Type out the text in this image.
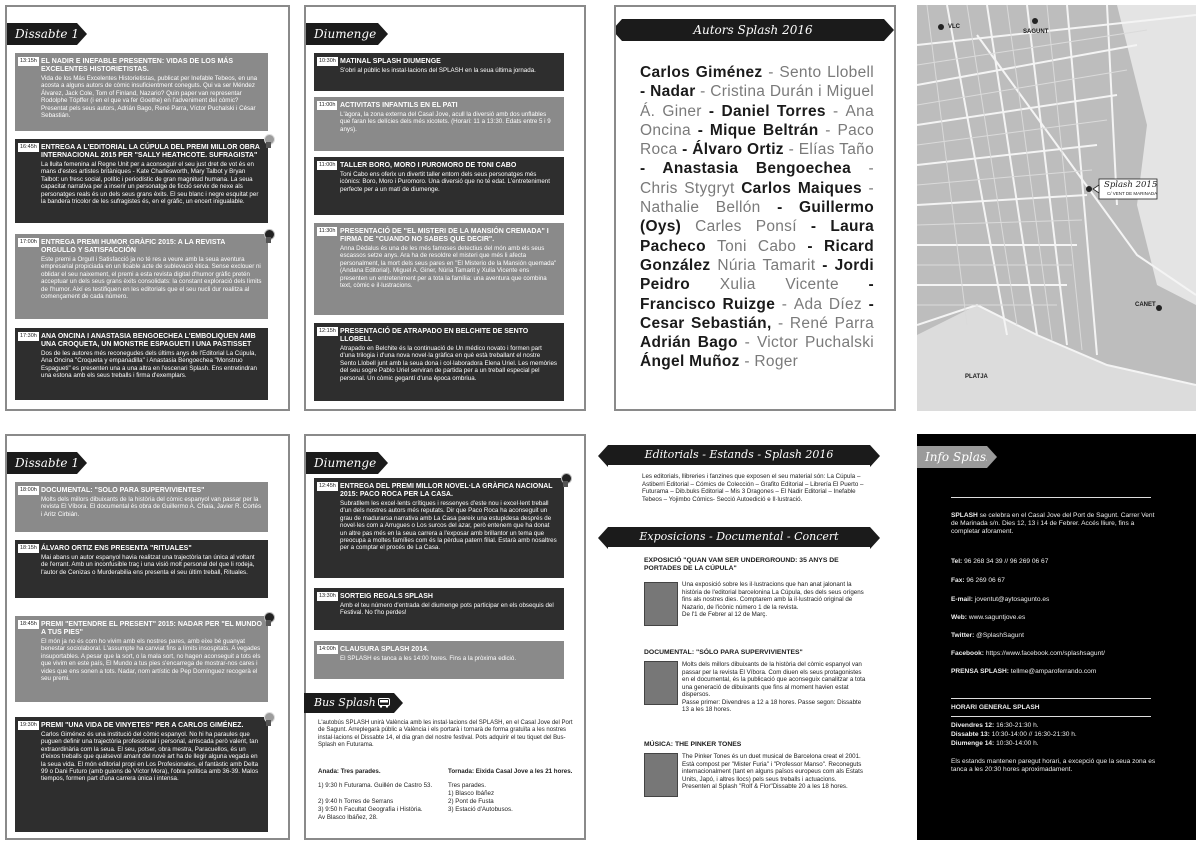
Dissabte 13
13:15h EL NADIR E INEFABLE PRESENTEN: VIDAS DE LOS MÁS EXCELENTES HISTORIETISTAS.
Vida de los Más Excelentes Historietistas, publicat per Inefable Tebeos, en una acosta a alguns autors de còmic insuficientment coneguts. Qui va ser Méndez Álvarez, Jack Cole, Tom of Finland, Nazario? Quin paper van representar Rodolphe Töpffer (i en el que va fer Goethe) en l'adveniment del còmic? Presentat pels seus autors, Adrián Bago, René Parra, Víctor Puchalski i César Sebastián.
16:45h ENTREGA A L'EDITORIAL LA CÚPULA DEL PREMI MILLOR OBRA INTERNACIONAL 2015 PER "SALLY HEATHCOTE. SUFRAGISTA"
La lluita femenina al Regne Unit per a aconseguir el seu just dret de vot és en mans d'estes artistes britàniques - Kate Charlesworth, Mary Talbot y Bryan Talbot: un fresc social, polític i periodístic de gran magnitud humana. La seua capacitat narrativa per a inserir un personatge de ficció servix de nexe als personatges reals és un dels seus grans èxits. El seu blanc i negre esquitat per la bandera tricolor de les sufragistes és, en el gràfic, un encert inigualable.
17:00h ENTREGA PREMI HUMOR GRÀFIC 2015: A LA REVISTA ORGULLO Y SATISFACCIÓN
Este premi a Orgull i Satisfacció ja no té res a veure amb la seua aventura empresarial propiciada en un lloable acte de sublevació ètica. Sense exclouer ni oblidar el seu naixement, el premi a esta revista digital d'humor gràfic pretén acceptuar un dels seus grans èxits consolidats: la constant exploració dels límits de l'humor. Així es testifiquen en les editorials que el seu nucli dur realitza al començament de cada número.
17:30h ANA ONCINA I ANASTASIA BENGOECHEA L'EMBOLIQUEN AMB UNA CROQUETA, UN MONSTRE ESPAGUETI I UNA PASTISSET
Dos de les autores més reconegudes dels últims anys de l'Editorial La Cúpula, Ana Oncina "Croqueta y empanadilla" i Anastasia Bengoechea "Monstruo Espagueti" es presenten una a una altra en l'escenari Splash. Ens entretindran una estona amb els seus treballs i firma d'exemplars.
Diumenge 14
10:30h MATINAL SPLASH DIUMENGE
S'obri al públic les instal·lacions del SPLASH en la seua última jornada.
11:00h ACTIVITATS INFANTILS EN EL PATI
L'àgora, la zona externa del Casal Jove, acull la diversió amb dos unflables que faran les delícies dels més xicotets. (Horari: 11 a 13:30. Edats entre 5 i 9 anys).
11:00h TALLER BORO, MORO I PUROMORO DE TONI CABO
Toni Cabo ens oferix un divertit taller entorn dels seus personatges més icònics: Boro, Moro i Puromoro. Una diversió que no té edat. L'entreteniment perfecte per a un matí de diumenge.
11:30h PRESENTACIÓ DE "EL MISTERI DE LA MANSIÓN CREMADA" I FIRMA DE "CUANDO NO SABES QUE DECIR".
Anna Dèdalus és una de les més famoses detectius del món amb els seus escassos setze anys. Ara ha de resoldre el misteri que més li afecta personalment, la mort dels seus pares en "El Misterio de la Mansión quemada" (Andana Editorial). Miguel A. Giner, Núria Tamarit y Xulia Vicente ens presenten un entreteniment per a tota la família: una aventura que combina text, còmic e il·lustracions.
12:15h PRESENTACIÓ DE ATRAPADO EN BELCHITE DE SENTO LLOBELL
Atrapado en Belchite és la continuació de Un médico novato i formen part d'una trilogia i d'una nova novel·la gràfica en què està treballant el nostre Sento Llobell junt amb la seua dona i col·laboradora Elena Uriel. Les memòries del seu sogre Pablo Uriel serviran de partida per a un treball especial pel personal. Un còmic gegantí d'una època ombriua.
Autors Splash 2016
Carlos Giménez - Sento Llobell - Nadar - Cristina Durán i Miguel Á. Giner - Daniel Torres - Ana Oncina - Mique Beltrán - Paco Roca - Álvaro Ortiz - Elías Taño - Anastasia Bengoechea - Chris Stygryt Carlos Maiques - Nathalie Bellón - Guillermo (Oys) Carles Ponsí - Laura Pacheco Toni Cabo - Ricard González Núria Tamarit - Jordi Peidro Xulia Vicente - Francisco Ruizge - Ada Díez - Cesar Sebastián, - René Parra Adrián Bago - Victor Puchalski Ángel Muñoz - Roger
VLC
SAGUNT
CANET
PLATJA
Splash 2015
C/ VENT DE MARINADA
Dissabte 13
18:00h DOCUMENTAL: "SOLO PARA SUPERVIVIENTES"
Molts dels millors dibuixants de la història del còmic espanyol van passar per la revista El Víbora. El documental és obra de Guillermo A. Chaia, Javier R. Cortés i Aritz Cirbián.
18:15h ÁLVARO ORTIZ ENS PRESENTA "RITUALES"
Mai abans un autor espanyol havia realitzat una trajectòria tan única al voltant de l'errant. Amb un inconfusible traç i una visió molt personal del que li rodeja, l'autor de Cenizas o Murderabilia ens presenta el seu últim treball, Rituales.
18:45h PREMI "ENTENDRE EL PRESENT" 2015: NADAR PER "EL MUNDO A TUS PIES"
El món ja no és com ho vivim amb els nostres pares, amb eixe bé guanyat benestar sociolaboral. L'assumpte ha canviat fins a límits insospitats. A vegades insuportables. A pesar que la sort, o la mala sort, no hagen aconseguit a tots els que vivim en este país, El Mundo a tus pies s'encarrega de mostrar-nos cares i vides que ens sonen a tots. Nadar, nom artístic de Pep Domínguez recogerà el seu premi.
19:30h PREMI "UNA VIDA DE VINYETES" PER A CARLOS GIMÉNEZ.
Carlos Giménez és una institució del còmic espanyol. No hi ha paraules que puguen definir una trajectòria professional i personal, arriscada però valent, tan extraordinària com la seua. El seu, potser, obra mestra, Paracuellos, és un d'eixos treballs que qualsevol amant del novè art ha de llegir alguna vegada en la seua vida. El món editorial propi en Los Profesionales, el fantàstic amb Delta 99 o Dani Futuro (amb guions de Víctor Mora), l'obra política amb 36-39. Malos tiempos, formen part d'una carrera única i intensa.
Diumenge 14
12:45h ENTREGA DEL PREMI MILLOR NOVEL·LA GRÀFICA NACIONAL 2015: PACO ROCA PER LA CASA.
Subratllem les excel·lents crítiques i ressenyes d'este nou i excel·lent treball d'un dels nostres autors més reputats. Dir que Paco Roca ha aconseguit un grau de madurarsa narrativa amb La Casa pareix una estupidesa després de novel·les com a Arrugues o Los surcos del azar, però entenem que ha donat un altre pas més en la seua carrera a l'exposar amb brillantor un tema que preocupa a moltes famílies com és la pèrdua patern filial. Estarà amb nosaltres per a comptar el procés de La Casa.
13:30h SORTEIG REGALS SPLASH
Amb el teu número d'entrada del diumenge pots participar en els obsequis del Festival. No t'ho perdes!
14:00h CLAUSURA SPLASH 2014.
El SPLASH es tanca a les 14:00 hores. Fins a la pròxima edició.
L'autobús SPLASH unirà València amb les instal·lacions del SPLASH, en el Casal Jove del Port de Sagunt. Arreplegarà públic a València i els portarà i tornarà de forma gratuïta a les nostres instal·lacions el Dissabte 14, el dia gran del nostre festival. Pots adquirir el teu tiquet del Bus-Splash en Futurama.
Anada: Tres parades.
1) 9:30 h Futurama. Guillén de Castro 53.
2) 9:40 h Torres de Serrans
3) 9:50 h Facultat Geografia i Història. Av Blasco Ibáñez, 28.
Tornada: Eixida Casal Jove a les 21 hores.
Tres parades.
1) Blasco Ibáñez
2) Pont de Fusta
3) Estació d'Autobusos.
Bus Splash
Editorials - Estands - Splash 2016
Les editorials, llibreries i fanzines que exposen el seu material són: La Cúpula – Astiberri Editorial – Cómics de Colección – Grafito Editorial – Librería El Puerto – Futurama – Dib.buks Editorial – Mis 3 Dragones – El Nadir Editorial – Inefable Tebeos – Yojimbo Cómics- Secció Autoedició e Il·lustració.
Exposicions - Documental - Concert
EXPOSICIÓ "QUAN VAM SER UNDERGROUND: 35 ANYS DE PORTADES DE LA CÚPULA"
Una exposició sobre les il·lustracions que han anat jalonant la història de l'editorial barcelonina La Cúpula, des dels seus orígens fins als nostres dies. Comptarem amb la il·lustració original de Nazario, de l'icònic número 1 de la revista.
De l'1 de Febrer al 12 de Març.
DOCUMENTAL: "SÓLO PARA SUPERVIVIENTES"
Molts dels millors dibuixants de la història del còmic espanyol van passar per la revista El Víbora. Com diuen els seus protagonistes en el documental, és la publicació que aconseguix canalitzar a tota una generació de dibuixants que fins al moment havien estat dispersos.
Passe primer: Divendres a 12 a 18 hores. Passe segon: Dissabte 13 a les 18 hores.
MÚSICA: THE PINKER TONES
The Pinker Tones és un duet musical de Barcelona creat el 2001. Està compost per "Mister Furia" i "Professor Manso". Reconeguts internacionalment (tant en alguns països europeus com als Estats Units, Japó, i altres llocs) pels seus treballs i actuacions.
Presenten al Splash "Rolf & Flor"Dissabte 20 a les 18 hores.
Info Splash
SPLASH se celebra en el Casal Jove del Port de Sagunt. Carrer Vent de Marinada s/n. Dies 12, 13 i 14 de Febrer. Accés lliure, fins a completar aforament.
Tel: 96 268 34 39 // 96 269 06 67
Fax: 96 269 06 67
E-mail: joventut@aytosagunto.es
Web: www.saguntjove.es
Twitter: @SplashSagunt
Facebook: https://www.facebook.com/splashsagunt/
PRENSA SPLASH: tellme@amparoferrando.com
HORARI GENERAL SPLASH
Divendres 12: 16:30-21:30 h.
Dissabte 13: 10:30-14:00 // 16:30-21:30 h.
Diumenge 14: 10:30-14:00 h.
Els estands mantenen paregut horari, a excepció que la seua zona es tanca a les 20:30 hores aproximadament.
